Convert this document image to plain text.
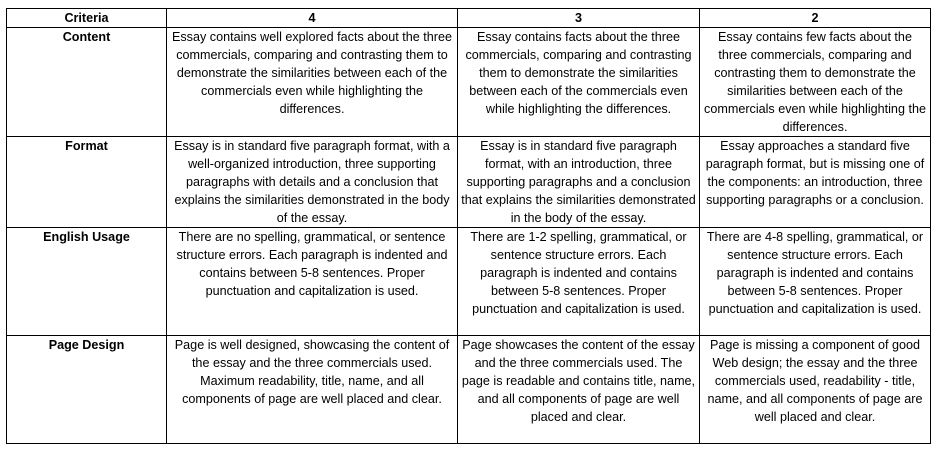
Criteria	4	3	2
Content	Essay contains well explored facts about the three commercials, comparing and contrasting them to demonstrate the similarities between each of the commercials even while highlighting the differences.	Essay contains facts about the three commercials, comparing and contrasting them to demonstrate the similarities between each of the commercials even while highlighting the differences.	Essay contains few facts about the three commercials, comparing and contrasting them to demonstrate the similarities between each of the commercials even while highlighting the differences.
Format	Essay is in standard five paragraph format, with a well-organized introduction, three supporting paragraphs with details and a conclusion that explains the similarities demonstrated in the body of the essay.	Essay is in standard five paragraph format, with an introduction, three supporting paragraphs and a conclusion that explains the similarities demonstrated in the body of the essay.	Essay approaches a standard five paragraph format, but is missing one of the components: an introduction, three supporting paragraphs or a conclusion.
English Usage	There are no spelling, grammatical, or sentence structure errors. Each paragraph is indented and contains between 5-8 sentences. Proper punctuation and capitalization is used.	There are 1-2 spelling, grammatical, or sentence structure errors. Each paragraph is indented and contains between 5-8 sentences. Proper punctuation and capitalization is used.	There are 4-8 spelling, grammatical, or sentence structure errors. Each paragraph is indented and contains between 5-8 sentences. Proper punctuation and capitalization is used.
Page Design	Page is well designed, showcasing the content of the essay and the three commercials used. Maximum readability, title, name, and all components of page are well placed and clear.	Page showcases the content of the essay and the three commercials used. The page is readable and contains title, name, and all components of page are well placed and clear.	Page is missing a component of good Web design; the essay and the three commercials used, readability - title, name, and all components of page are well placed and clear.
